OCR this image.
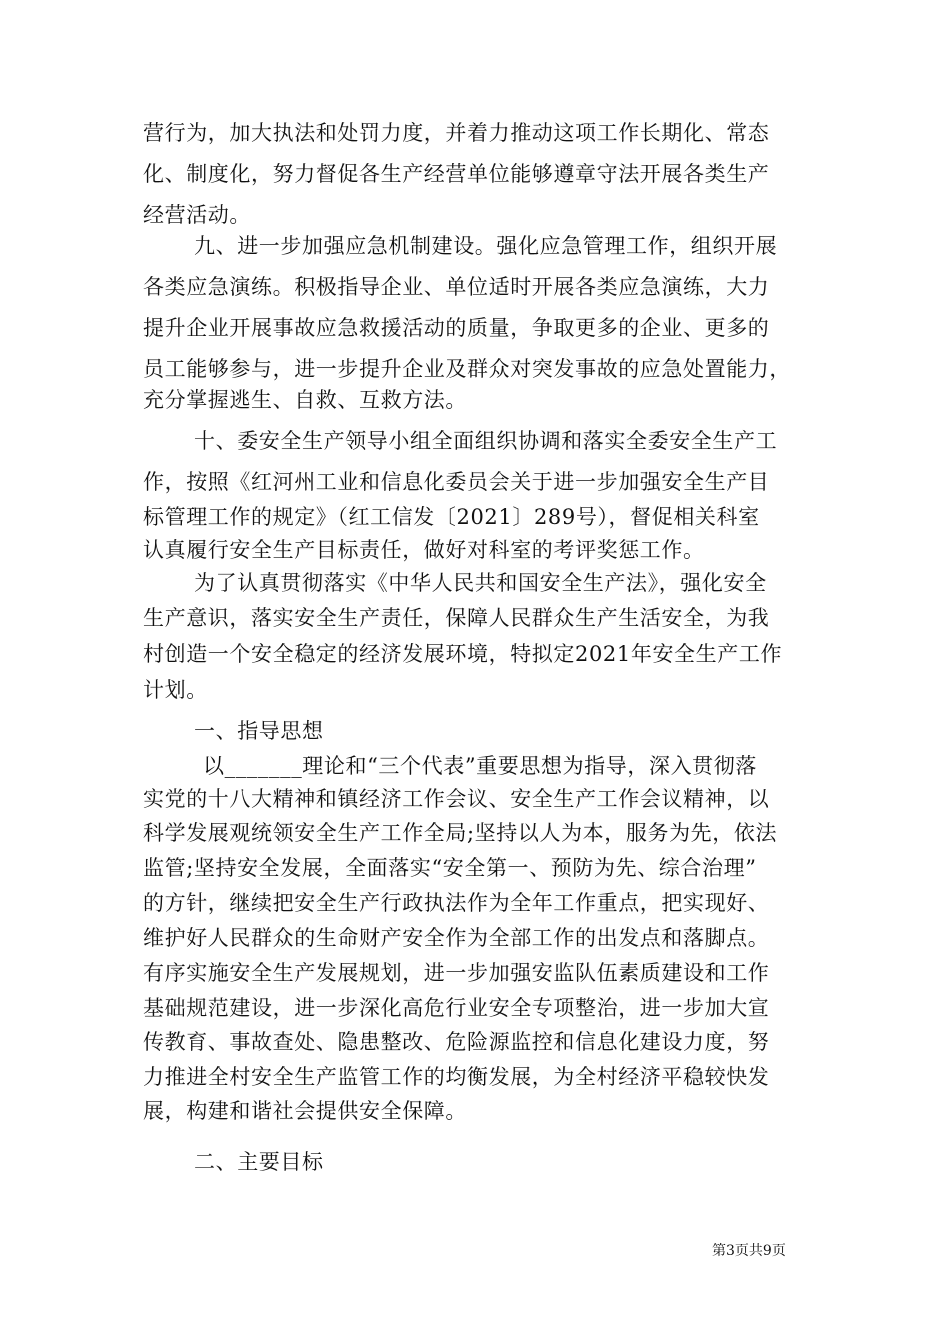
营行为，加大执法和处罚力度，并着力推动这项工作长期化、常态
化、制度化，努力督促各生产经营单位能够遵章守法开展各类生产
经营活动。
九、进一步加强应急机制建设。强化应急管理工作，组织开展
各类应急演练。积极指导企业、单位适时开展各类应急演练，大力
提升企业开展事故应急救援活动的质量，争取更多的企业、更多的
员工能够参与，进一步提升企业及群众对突发事故的应急处置能力，
充分掌握逃生、自救、互救方法。
十、委安全生产领导小组全面组织协调和落实全委安全生产工
作，按照《红河州工业和信息化委员会关于进一步加强安全生产目
标管理工作的规定》（红工信发〔2021〕289号），督促相关科室
认真履行安全生产目标责任，做好对科室的考评奖惩工作。
为了认真贯彻落实《中华人民共和国安全生产法》，强化安全
生产意识，落实安全生产责任，保障人民群众生产生活安全，为我
村创造一个安全稳定的经济发展环境，特拟定2021年安全生产工作
计划。
一、指导思想
以_______理论和“三个代表”重要思想为指导，深入贯彻落
实党的十八大精神和镇经济工作会议、安全生产工作会议精神，以
科学发展观统领安全生产工作全局;坚持以人为本，服务为先，依法
监管;坚持安全发展，全面落实“安全第一、预防为先、综合治理”
的方针，继续把安全生产行政执法作为全年工作重点，把实现好、
维护好人民群众的生命财产安全作为全部工作的出发点和落脚点。
有序实施安全生产发展规划，进一步加强安监队伍素质建设和工作
基础规范建设，进一步深化高危行业安全专项整治，进一步加大宣
传教育、事故查处、隐患整改、危险源监控和信息化建设力度，努
力推进全村安全生产监管工作的均衡发展，为全村经济平稳较快发
展，构建和谐社会提供安全保障。
二、主要目标
第3页共9页
